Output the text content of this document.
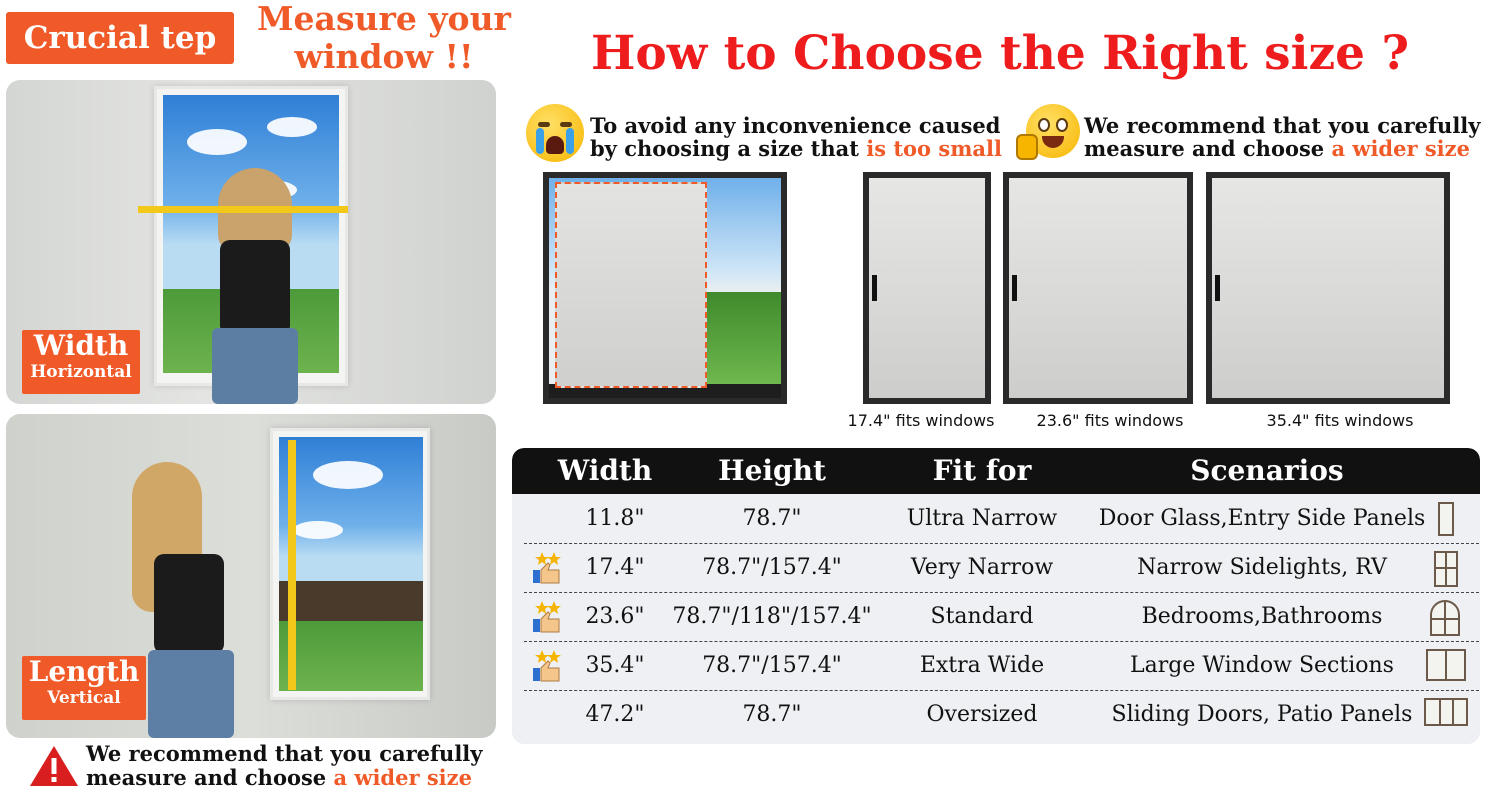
Crucial tep	Measure your
window !!
Width
Horizontal
Length
Vertical
We recommend that you carefully
measure and choose a wider size
How to Choose the Right size ?
To avoid any inconvenience caused
by choosing a size that is too small
We recommend that you carefully
measure and choose a wider size
17.4" fits windows	23.6" fits windows	35.4" fits windows
Width	Height	Fit for	Scenarios
11.8"	78.7"	Ultra Narrow	Door Glass,Entry Side Panels
17.4"	78.7"/157.4"	Very Narrow	Narrow Sidelights, RV
23.6"	78.7"/118"/157.4"	Standard	Bedrooms,Bathrooms
35.4"	78.7"/157.4"	Extra Wide	Large Window Sections
47.2"	78.7"	Oversized	Sliding Doors, Patio Panels
